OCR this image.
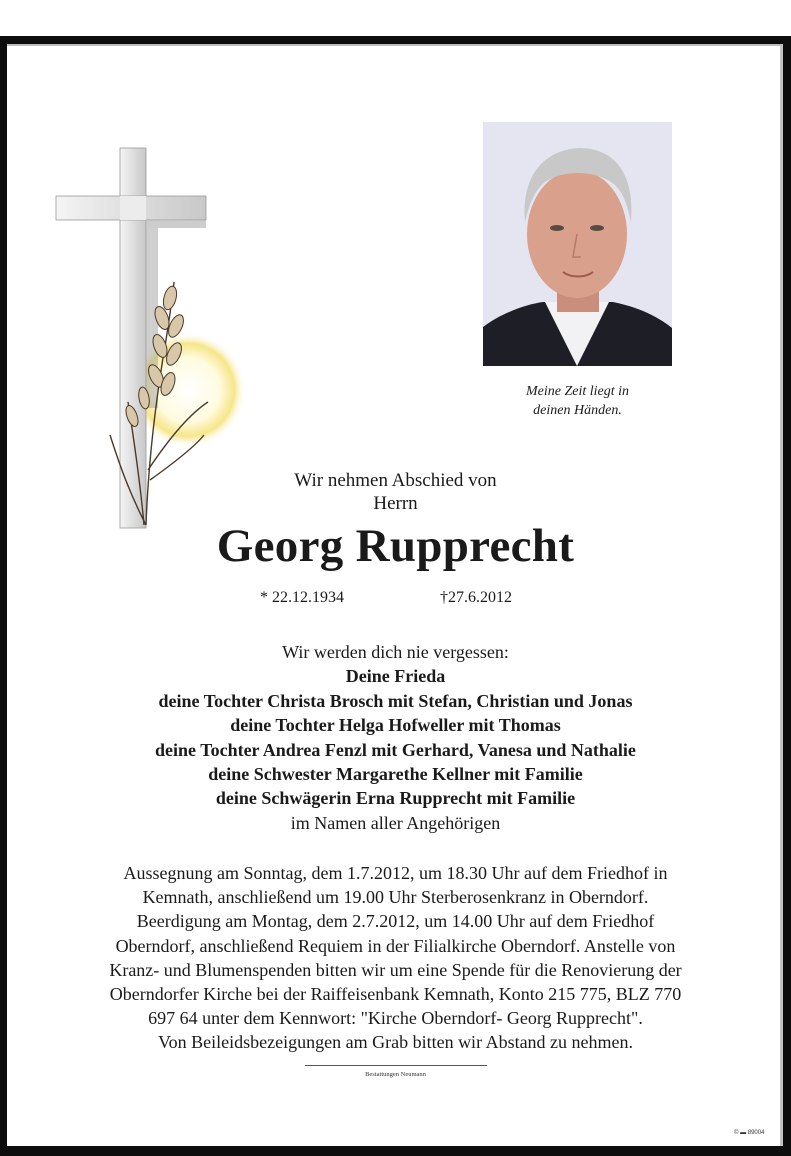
Meine Zeit liegt in
deinen Händen.
Wir nehmen Abschied von
Herrn
Georg Rupprecht
* 22.12.1934	†27.6.2012
Wir werden dich nie vergessen:
Deine Frieda
deine Tochter Christa Brosch mit Stefan, Christian und Jonas
deine Tochter Helga Hofweller mit Thomas
deine Tochter Andrea Fenzl mit Gerhard, Vanesa und Nathalie
deine Schwester Margarethe Kellner mit Familie
deine Schwägerin Erna Rupprecht mit Familie
im Namen aller Angehörigen
Aussegnung am Sonntag, dem 1.7.2012, um 18.30 Uhr auf dem Friedhof in
Kemnath, anschließend um 19.00 Uhr Sterberosenkranz in Oberndorf.
Beerdigung am Montag, dem 2.7.2012, um 14.00 Uhr auf dem Friedhof
Oberndorf, anschließend Requiem in der Filialkirche Oberndorf. Anstelle von
Kranz- und Blumenspenden bitten wir um eine Spende für die Renovierung der
Oberndorfer Kirche bei der Raiffeisenbank Kemnath, Konto 215 775, BLZ 770
697 64 unter dem Kennwort: "Kirche Oberndorf- Georg Rupprecht".
Von Beileidsbezeigungen am Grab bitten wir Abstand zu nehmen.
Bestattungen Neumann
© ▬ 89004
